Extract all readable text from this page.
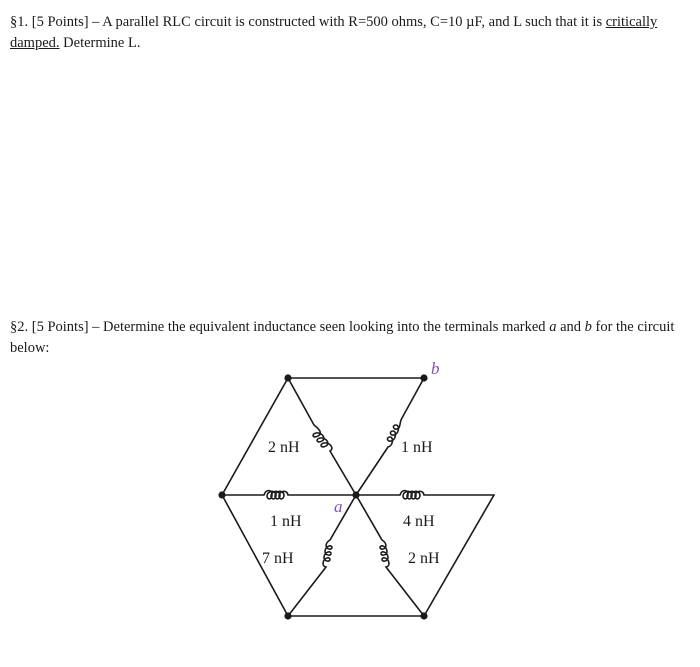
§1. [5 Points] – A parallel RLC circuit is constructed with R=500 ohms, C=10 µF, and L such that it is critically damped. Determine L.
§2. [5 Points] – Determine the equivalent inductance seen looking into the terminals marked a and b for the circuit below:
b
a
2 nH	1 nH
1 nH	4 nH
7 nH	2 nH
